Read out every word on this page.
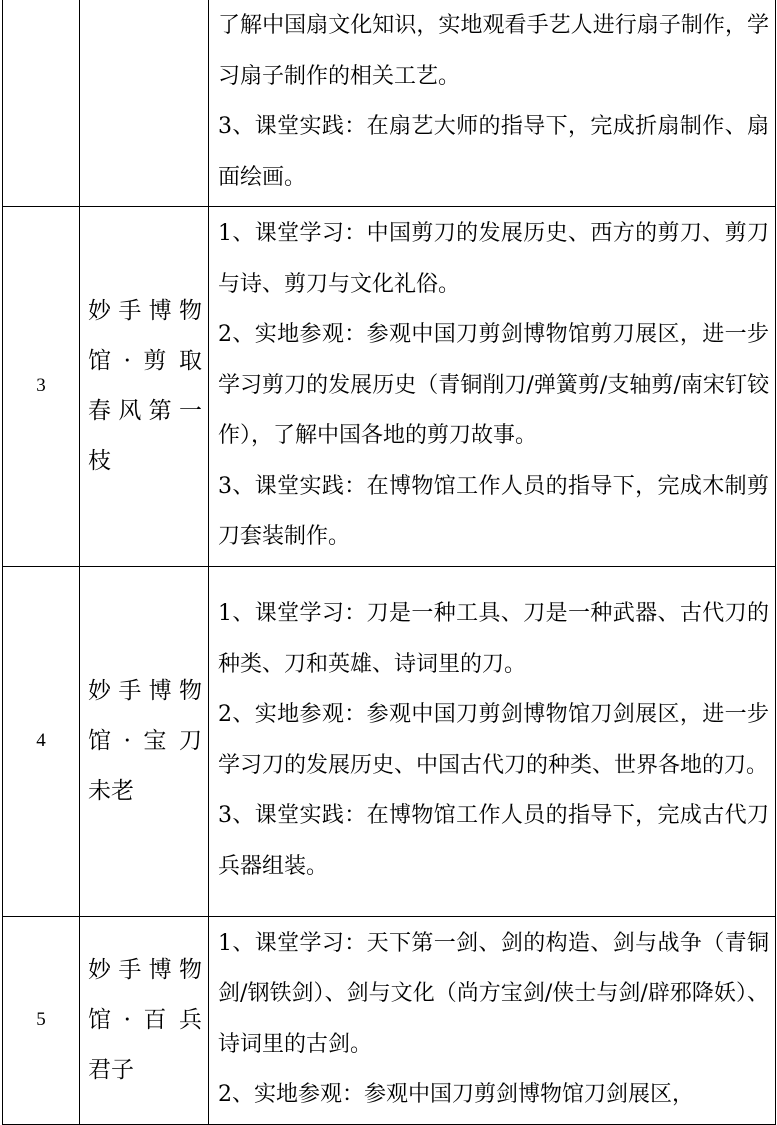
		了解中国扇文化知识，实地观看手艺人进行扇子制作，学习扇子制作的相关工艺。
3、课堂实践：在扇艺大师的指导下，完成折扇制作、扇面绘画。

3	妙手博物
馆·剪取
春风第一
枝	1、课堂学习：中国剪刀的发展历史、西方的剪刀、剪刀与诗、剪刀与文化礼俗。
2、实地参观：参观中国刀剪剑博物馆剪刀展区，进一步学习剪刀的发展历史（青铜削刀/弹簧剪/支轴剪/南宋钉铰作），了解中国各地的剪刀故事。
3、课堂实践：在博物馆工作人员的指导下，完成木制剪刀套装制作。

4	妙手博物
馆·宝刀
未老	1、课堂学习：刀是一种工具、刀是一种武器、古代刀的种类、刀和英雄、诗词里的刀。
2、实地参观：参观中国刀剪剑博物馆刀剑展区，进一步学习刀的发展历史、中国古代刀的种类、世界各地的刀。
3、课堂实践：在博物馆工作人员的指导下，完成古代刀兵器组装。

5	妙手博物
馆·百兵
君子	1、课堂学习：天下第一剑、剑的构造、剑与战争（青铜剑/钢铁剑）、剑与文化（尚方宝剑/侠士与剑/辟邪降妖）、诗词里的古剑。
2、实地参观：参观中国刀剪剑博物馆刀剑展区，
